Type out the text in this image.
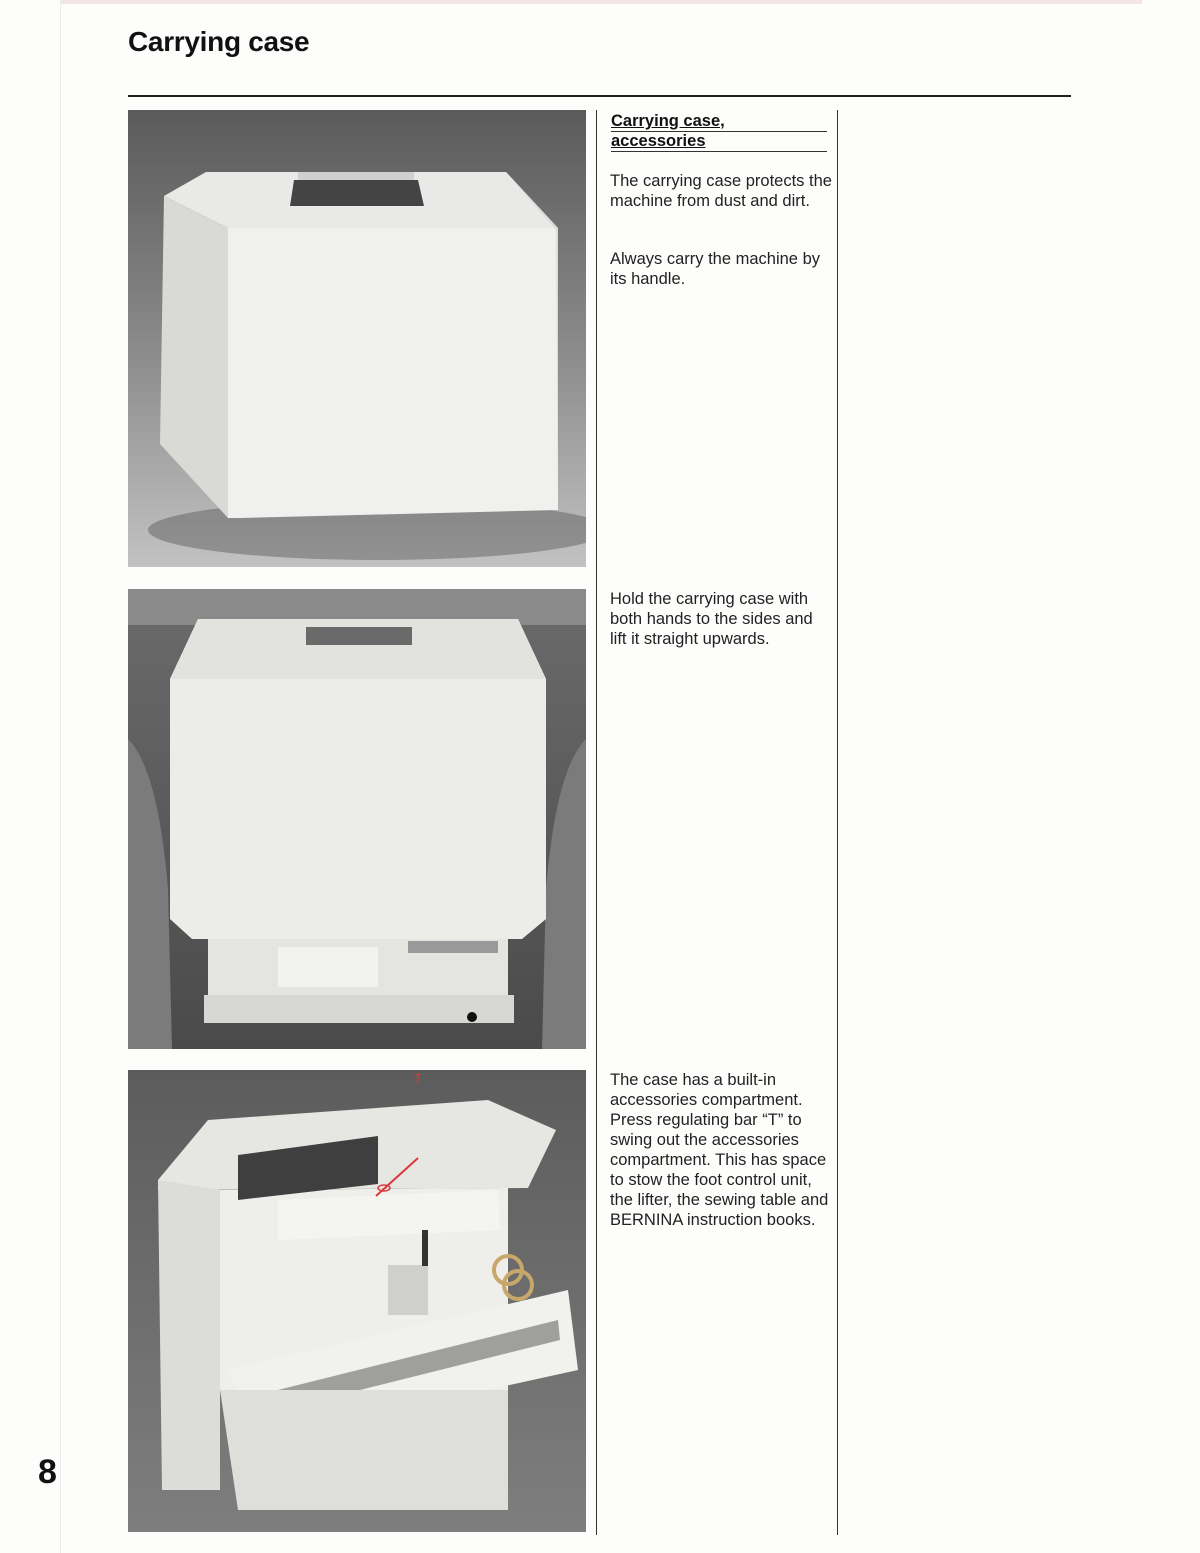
Carrying case
T
Carrying case,
accessories

The carrying case protects the machine from dust and dirt.

Always carry the machine by its handle.

Hold the carrying case with both hands to the sides and lift it straight upwards.

The case has a built-in accessories compartment. Press regulating bar “T” to swing out the accessories compartment. This has space to stow the foot control unit, the lifter, the sewing table and BERNINA instruction books.

8
